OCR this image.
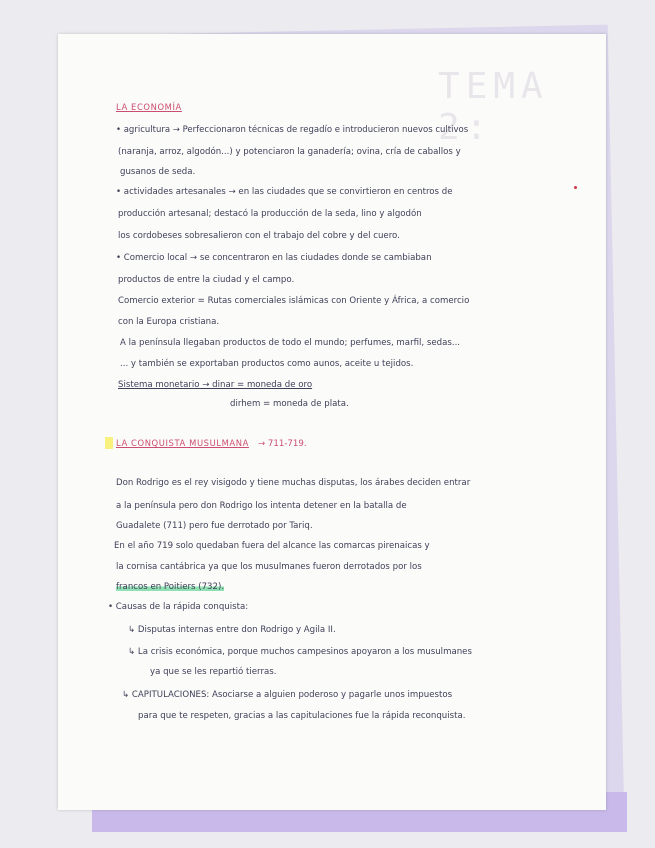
TEMA 2:
LA ECONOMÍA
• agricultura → Perfeccionaron técnicas de regadío e introducieron nuevos cultivos
(naranja, arroz, algodón...) y potenciaron la ganadería; ovina, cría de caballos y
gusanos de seda.
• actividades artesanales → en las ciudades que se convirtieron en centros de
producción artesanal; destacó la producción de la seda, lino y algodón
los cordobeses sobresalieron con el trabajo del cobre y del cuero.
• Comercio local → se concentraron en las ciudades donde se cambiaban
productos de entre la ciudad y el campo.
Comercio exterior = Rutas comerciales islámicas con Oriente y África, a comercio
con la Europa cristiana.
A la península llegaban productos de todo el mundo; perfumes, marfil, sedas...
... y también se exportaban productos como aunos, aceite u tejidos.
Sistema monetario → dinar = moneda de oro
dirhem = moneda de plata.
LA CONQUISTA MUSULMANA → 711-719.
Don Rodrigo es el rey visigodo y tiene muchas disputas, los árabes deciden entrar
a la península pero don Rodrigo los intenta detener en la batalla de
Guadalete (711) pero fue derrotado por Tariq.
En el año 719 solo quedaban fuera del alcance las comarcas pirenaicas y
la cornisa cantábrica ya que los musulmanes fueron derrotados por los
francos en Poitiers (732).
• Causas de la rápida conquista:
↳ Disputas internas entre don Rodrigo y Agila II.
↳ La crisis económica, porque muchos campesinos apoyaron a los musulmanes
ya que se les repartió tierras.
↳ CAPITULACIONES: Asociarse a alguien poderoso y pagarle unos impuestos
para que te respeten, gracias a las capitulaciones fue la rápida reconquista.
